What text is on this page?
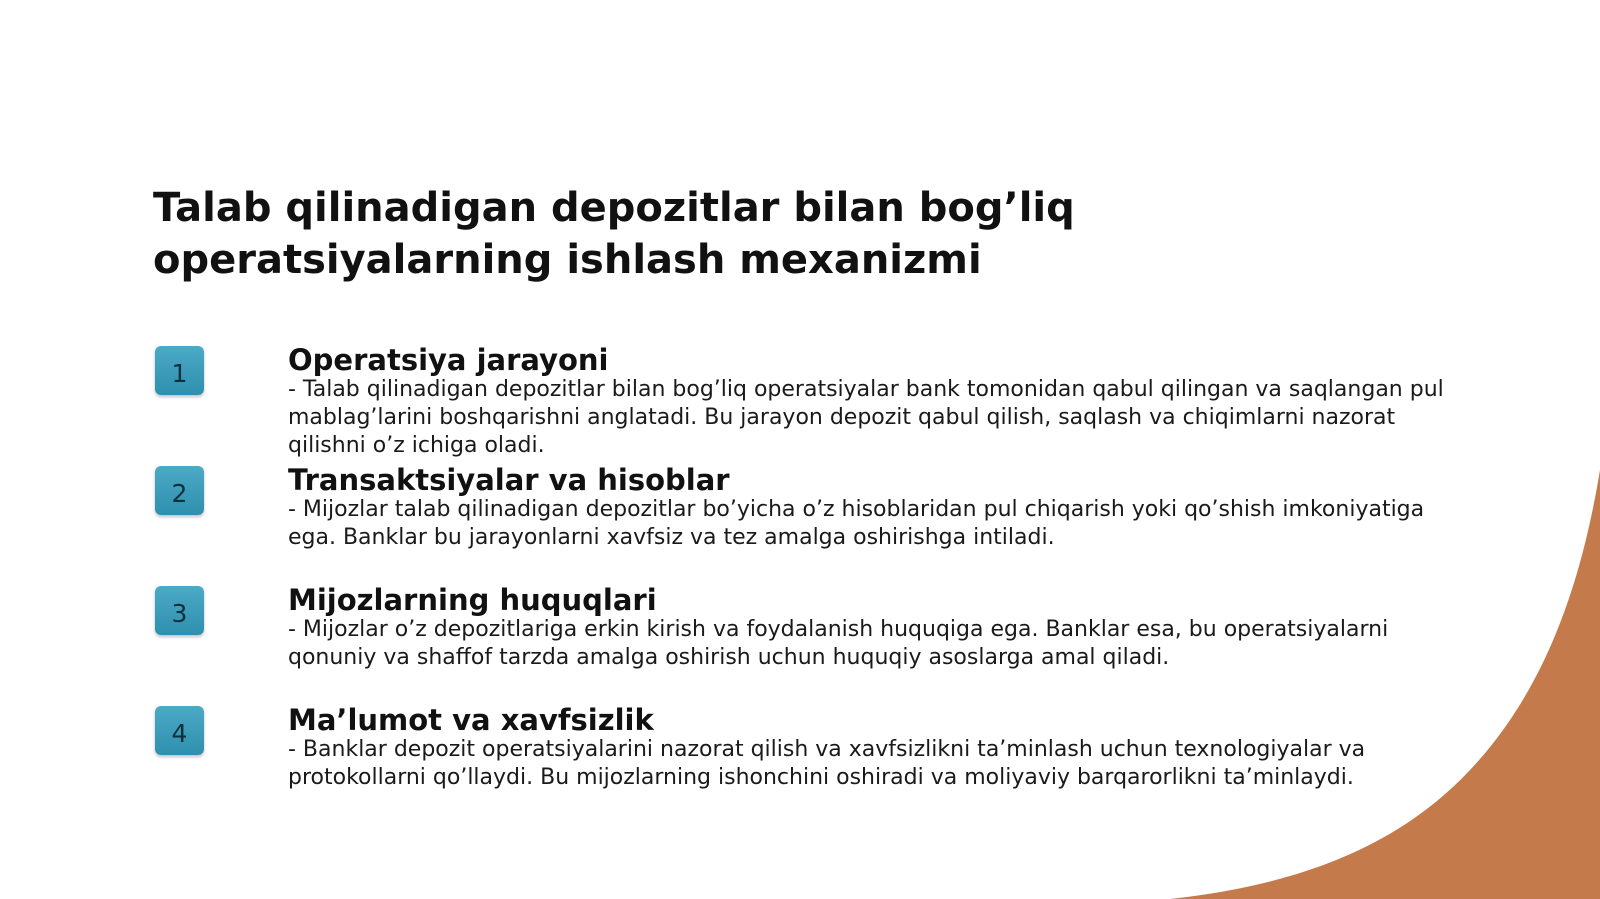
Talab qilinadigan depozitlar bilan bog’liq operatsiyalarning ishlash mexanizmi
1	Operatsiya jarayoni

- Talab qilinadigan depozitlar bilan bog’liq operatsiyalar bank tomonidan qabul qilingan va saqlangan pul mablag’larini boshqarishni anglatadi. Bu jarayon depozit qabul qilish, saqlash va chiqimlarni nazorat qilishni o’z ichiga oladi.

2	Transaktsiyalar va hisoblar

- Mijozlar talab qilinadigan depozitlar bo’yicha o’z hisoblaridan pul chiqarish yoki qo’shish imkoniyatiga ega. Banklar bu jarayonlarni xavfsiz va tez amalga oshirishga intiladi.

3	Mijozlarning huquqlari

- Mijozlar o’z depozitlariga erkin kirish va foydalanish huquqiga ega. Banklar esa, bu operatsiyalarni qonuniy va shaffof tarzda amalga oshirish uchun huquqiy asoslarga amal qiladi.

4	Ma’lumot va xavfsizlik

- Banklar depozit operatsiyalarini nazorat qilish va xavfsizlikni ta’minlash uchun texnologiyalar va protokollarni qo’llaydi. Bu mijozlarning ishonchini oshiradi va moliyaviy barqarorlikni ta’minlaydi.
